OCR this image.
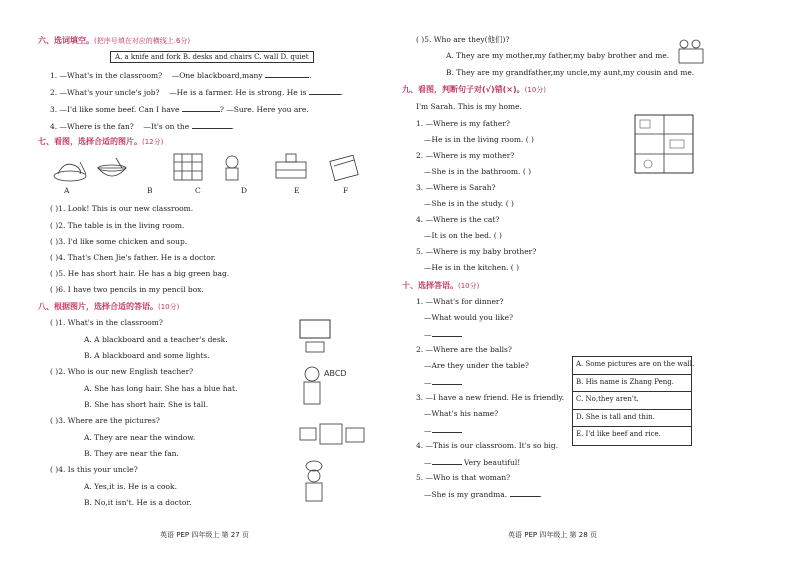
六、选词填空。(把序号填在对应的横线上.6分)
A. a knife and fork B. desks and chairs C. wall D. quiet
1. —What's in the classroom? —One blackboard,many	.
2. —What's your uncle's job? —He is a farmer. He is strong. He is	.
3. —I'd like some beef. Can I have	? —Sure. Here you are.
4. —Where is the fan? —It's on the	.
七、看图，选择合适的图片。(12分)
A	B	C	D	E	F
( )1. Look! This is our new classroom.
( )2. The table is in the living room.
( )3. I'd like some chicken and soup.
( )4. That's Chen Jie's father. He is a doctor.
( )5. He has short hair. He has a big green bag.
( )6. I have two pencils in my pencil box.
八、根据图片，选择合适的答语。(10分)
( )1. What's in the classroom?
A. A blackboard and a teacher's desk.
B. A blackboard and some lights.
( )2. Who is our new English teacher?
A. She has long hair. She has a blue hat.
B. She has short hair. She is tall.
ABCD
( )3. Where are the pictures?
A. They are near the window.
B. They are near the fan.
( )4. Is this your uncle?
A. Yes,it is. He is a cook.
B. No,it isn't. He is a doctor.
英语 PEP 四年级上 第 27 页
( )5. Who are they(他们)?
A. They are my mother,my father,my baby brother and me.
B. They are my grandfather,my uncle,my aunt,my cousin and me.
九、看图，判断句子对(√)错(×)。(10分)
I'm Sarah. This is my home.
1. —Where is my father?
—He is in the living room. ( )
2. —Where is my mother?
—She is in the bathroom. ( )
3. —Where is Sarah?
—She is in the study. ( )
4. —Where is the cat?
—It is on the bed. ( )
5. —Where is my baby brother?
—He is in the kitchen. ( )
十、选择答语。(10分)
1. —What's for dinner?
—What would you like?
—
2. —Where are the balls?
—Are they under the table?
—
3. —I have a new friend. He is friendly.
—What's his name?
—
4. —This is our classroom. It's so big.
—	Very beautiful!
5. —Who is that woman?
—She is my grandma.	.
A. Some pictures are on the wall.
B. His name is Zhang Peng.
C. No,they aren't.
D. She is tall and thin.
E. I'd like beef and rice.
英语 PEP 四年级上 第 28 页
